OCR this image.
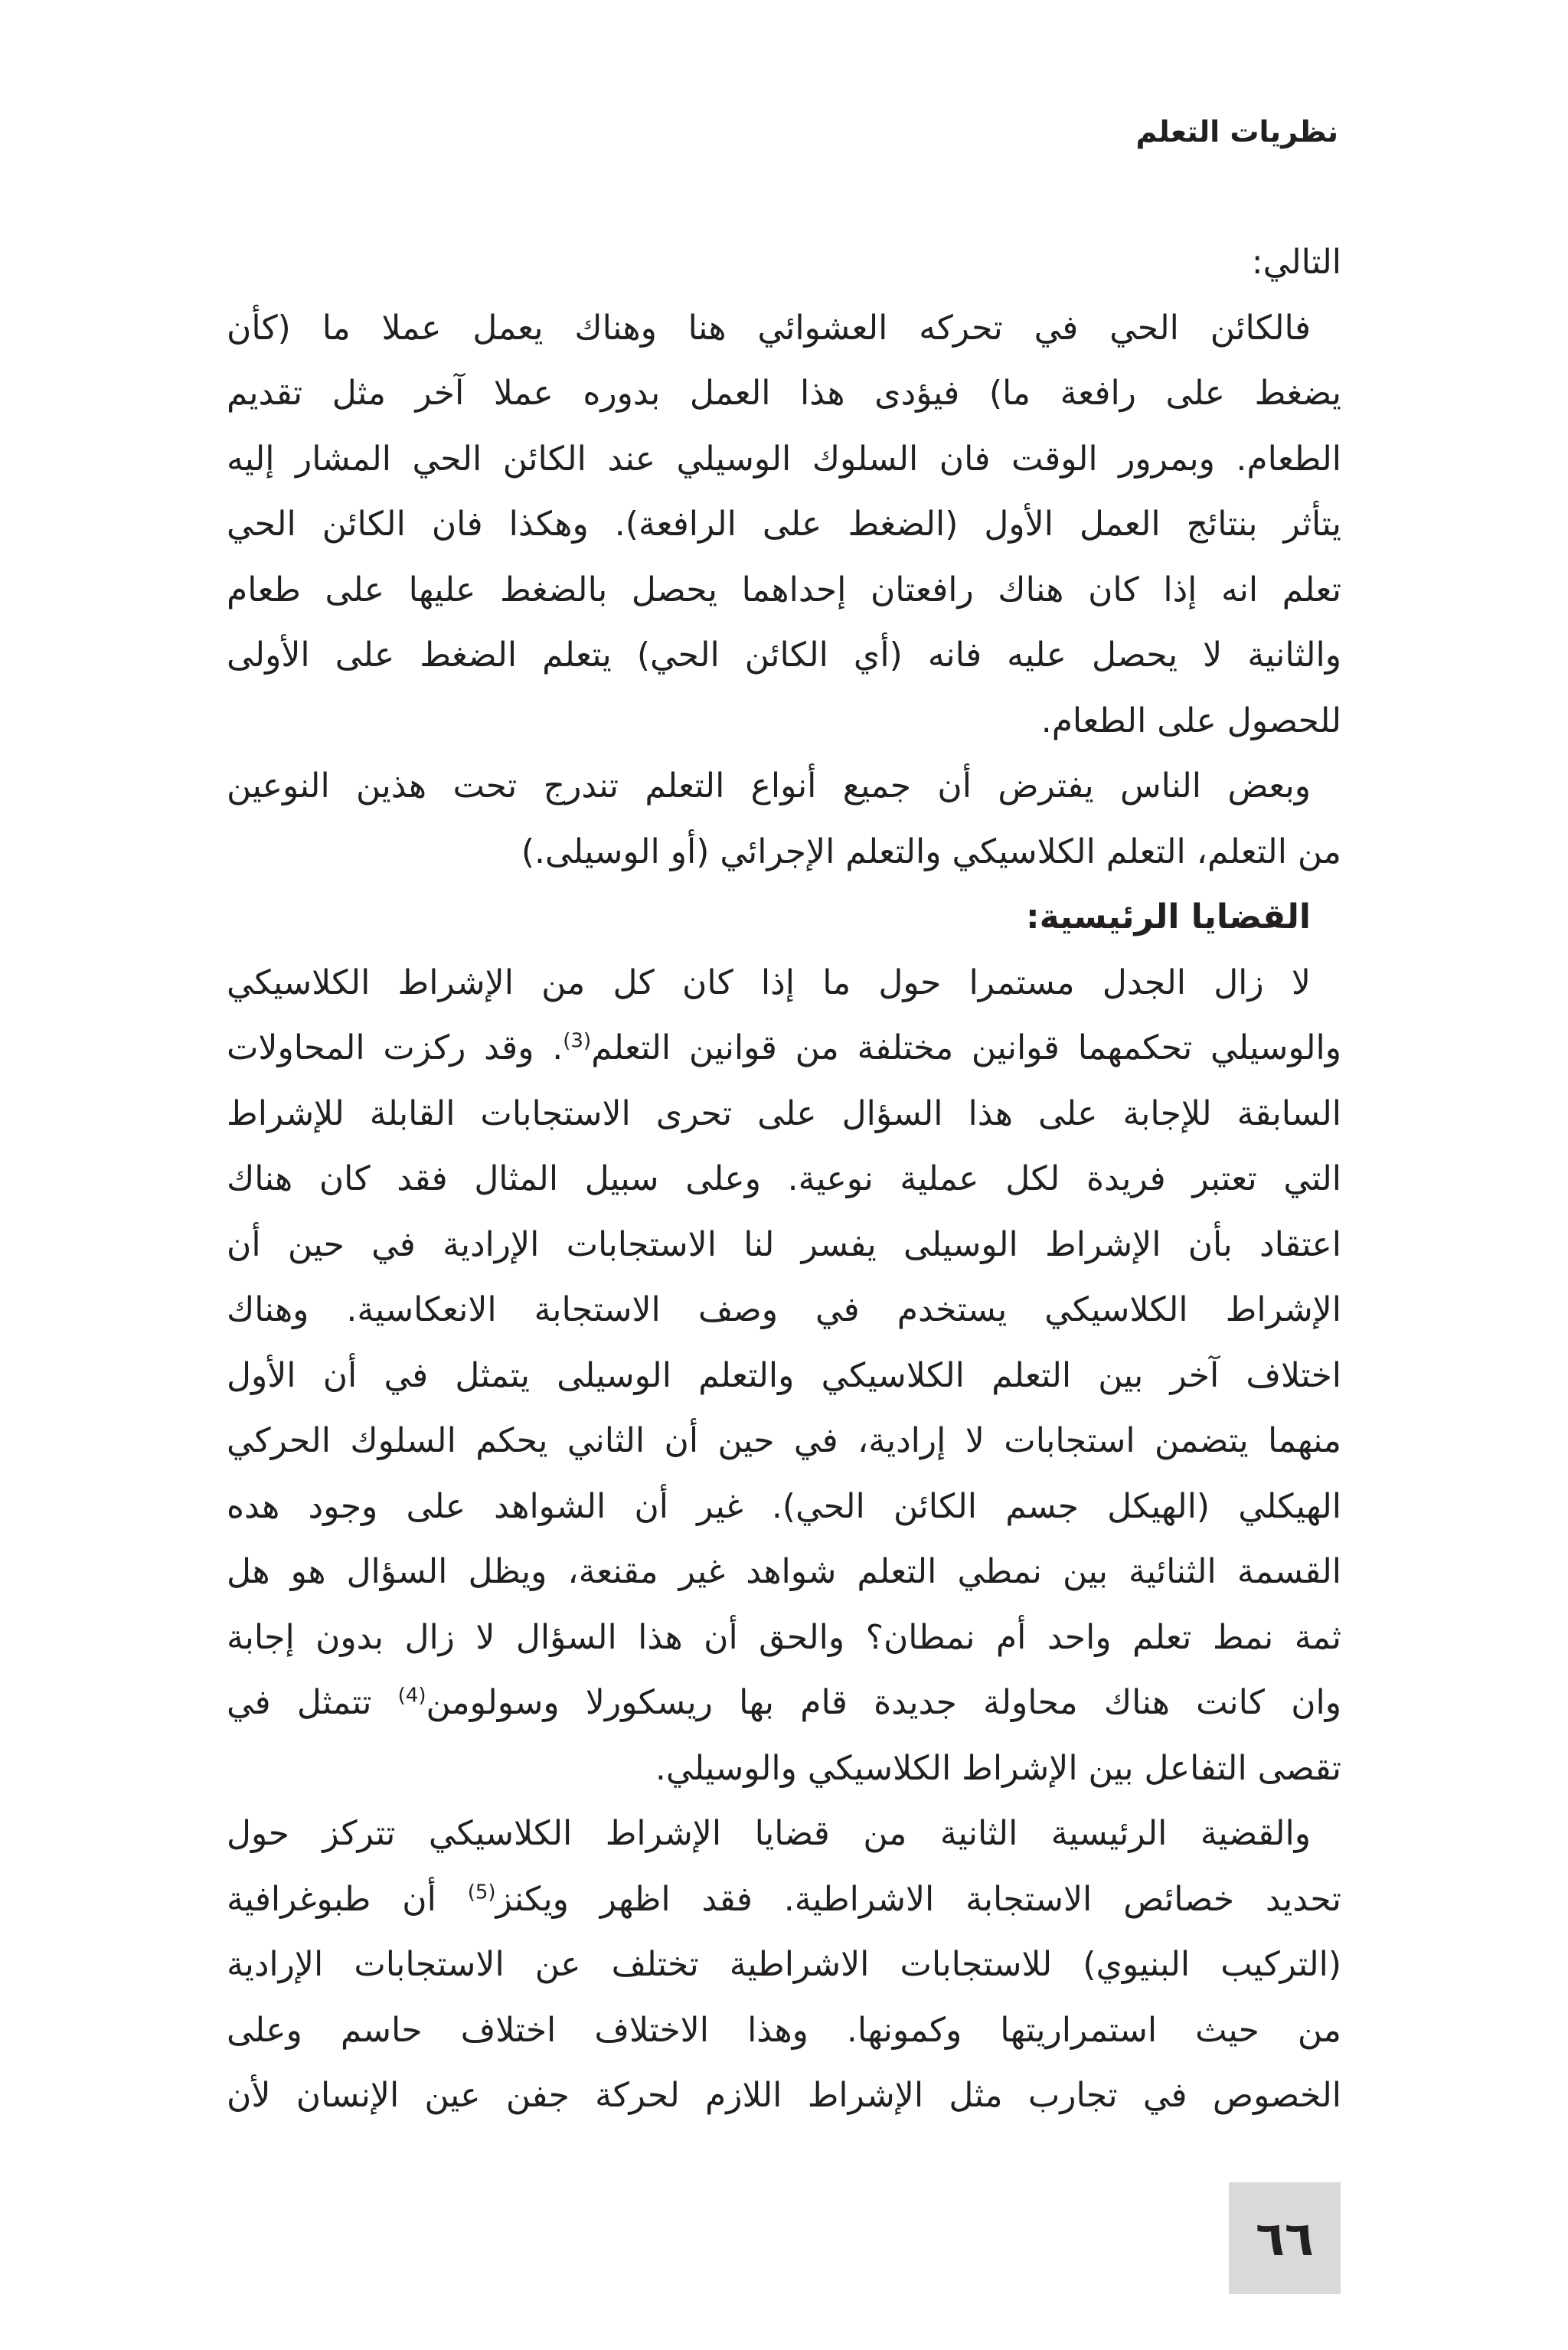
نظريات التعلم
التالي:
فالكائن الحي في تحركه العشوائي هنا وهناك يعمل عملا ما (كأن
يضغط على رافعة ما) فيؤدى هذا العمل بدوره عملا آخر مثل تقديم
الطعام. وبمرور الوقت فان السلوك الوسيلي عند الكائن الحي المشار إليه
يتأثر بنتائج العمل الأول (الضغط على الرافعة). وهكذا فان الكائن الحي
تعلم انه إذا كان هناك رافعتان إحداهما يحصل بالضغط عليها على طعام
والثانية لا يحصل عليه فانه (أي الكائن الحي) يتعلم الضغط على الأولى
للحصول على الطعام.
وبعض الناس يفترض أن جميع أنواع التعلم تندرج تحت هذين النوعين
من التعلم، التعلم الكلاسيكي والتعلم الإجرائي (أو الوسيلى.)
القضايا الرئيسية:
لا زال الجدل مستمرا حول ما إذا كان كل من الإشراط الكلاسيكي
والوسيلي تحكمهما قوانين مختلفة من قوانين التعلم$^{(3)}$. وقد ركزت المحاولات
السابقة للإجابة على هذا السؤال على تحرى الاستجابات القابلة للإشراط
التي تعتبر فريدة لكل عملية نوعية. وعلى سبيل المثال فقد كان هناك
اعتقاد بأن الإشراط الوسيلى يفسر لنا الاستجابات الإرادية في حين أن
الإشراط الكلاسيكي يستخدم في وصف الاستجابة الانعكاسية. وهناك
اختلاف آخر بين التعلم الكلاسيكي والتعلم الوسيلى يتمثل في أن الأول
منهما يتضمن استجابات لا إرادية، في حين أن الثاني يحكم السلوك الحركي
الهيكلي (الهيكل جسم الكائن الحي). غير أن الشواهد على وجود هده
القسمة الثنائية بين نمطي التعلم شواهد غير مقنعة، ويظل السؤال هو هل
ثمة نمط تعلم واحد أم نمطان؟ والحق أن هذا السؤال لا زال بدون إجابة
وان كانت هناك محاولة جديدة قام بها ريسكورلا وسولومن$^{(4)}$ تتمثل في
تقصى التفاعل بين الإشراط الكلاسيكي والوسيلي.
والقضية الرئيسية الثانية من قضايا الإشراط الكلاسيكي تتركز حول
تحديد خصائص الاستجابة الاشراطية. فقد اظهر ويكنز$^{(5)}$ أن طبوغرافية
(التركيب البنيوي) للاستجابات الاشراطية تختلف عن الاستجابات الإرادية
من حيث استمراريتها وكمونها. وهذا الاختلاف اختلاف حاسم وعلى
الخصوص في تجارب مثل الإشراط اللازم لحركة جفن عين الإنسان لأن
٦٦
